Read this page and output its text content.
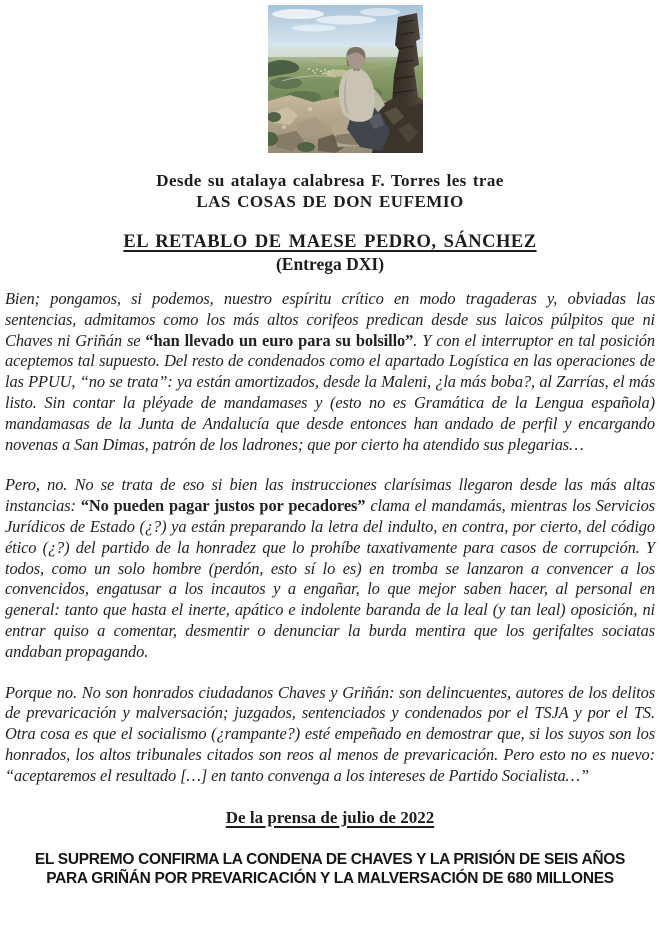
Desde su atalaya calabresa F. Torres les trae
LAS COSAS DE DON EUFEMIO
EL RETABLO DE MAESE PEDRO, SÁNCHEZ
(Entrega DXI)

Bien; pongamos, si podemos, nuestro espíritu crítico en modo tragaderas y, obviadas las sentencias, admitamos como los más altos corifeos predican desde sus laicos púlpitos que ni Chaves ni Griñán se “han llevado un euro para su bolsillo”. Y con el interruptor en tal posición aceptemos tal supuesto. Del resto de condenados como el apartado Logística en las operaciones de las PPUU, “no se trata”: ya están amortizados, desde la Maleni, ¿la más boba?, al Zarrías, el más listo. Sin contar la pléyade de mandamases y (esto no es Gramática de la Lengua española) mandamasas de la Junta de Andalucía que desde entonces han andado de perfil y encargando novenas a San Dimas, patrón de los ladrones; que por cierto ha atendido sus plegarias…

Pero, no. No se trata de eso si bien las instrucciones clarísimas llegaron desde las más altas instancias: “No pueden pagar justos por pecadores” clama el mandamás, mientras los Servicios Jurídicos de Estado (¿?) ya están preparando la letra del indulto, en contra, por cierto, del código ético (¿?) del partido de la honradez que lo prohíbe taxativamente para casos de corrupción. Y todos, como un solo hombre (perdón, esto sí lo es) en tromba se lanzaron a convencer a los convencidos, engatusar a los incautos y a engañar, lo que mejor saben hacer, al personal en general: tanto que hasta el inerte, apático e indolente baranda de la leal (y tan leal) oposición, ni entrar quiso a comentar, desmentir o denunciar la burda mentira que los gerifaltes sociatas andaban propagando.

Porque no. No son honrados ciudadanos Chaves y Griñán: son delincuentes, autores de los delitos de prevaricación y malversación; juzgados, sentenciados y condenados por el TSJA y por el TS. Otra cosa es que el socialismo (¿rampante?) esté empeñado en demostrar que, si los suyos son los honrados, los altos tribunales citados son reos al menos de prevaricación. Pero esto no es nuevo: “aceptaremos el resultado […] en tanto convenga a los intereses de Partido Socialista…”

De la prensa de julio de 2022
EL SUPREMO CONFIRMA LA CONDENA DE CHAVES Y LA PRISIÓN DE SEIS AÑOS PARA GRIÑÁN POR PREVARICACIÓN Y LA MALVERSACIÓN DE 680 MILLONES
